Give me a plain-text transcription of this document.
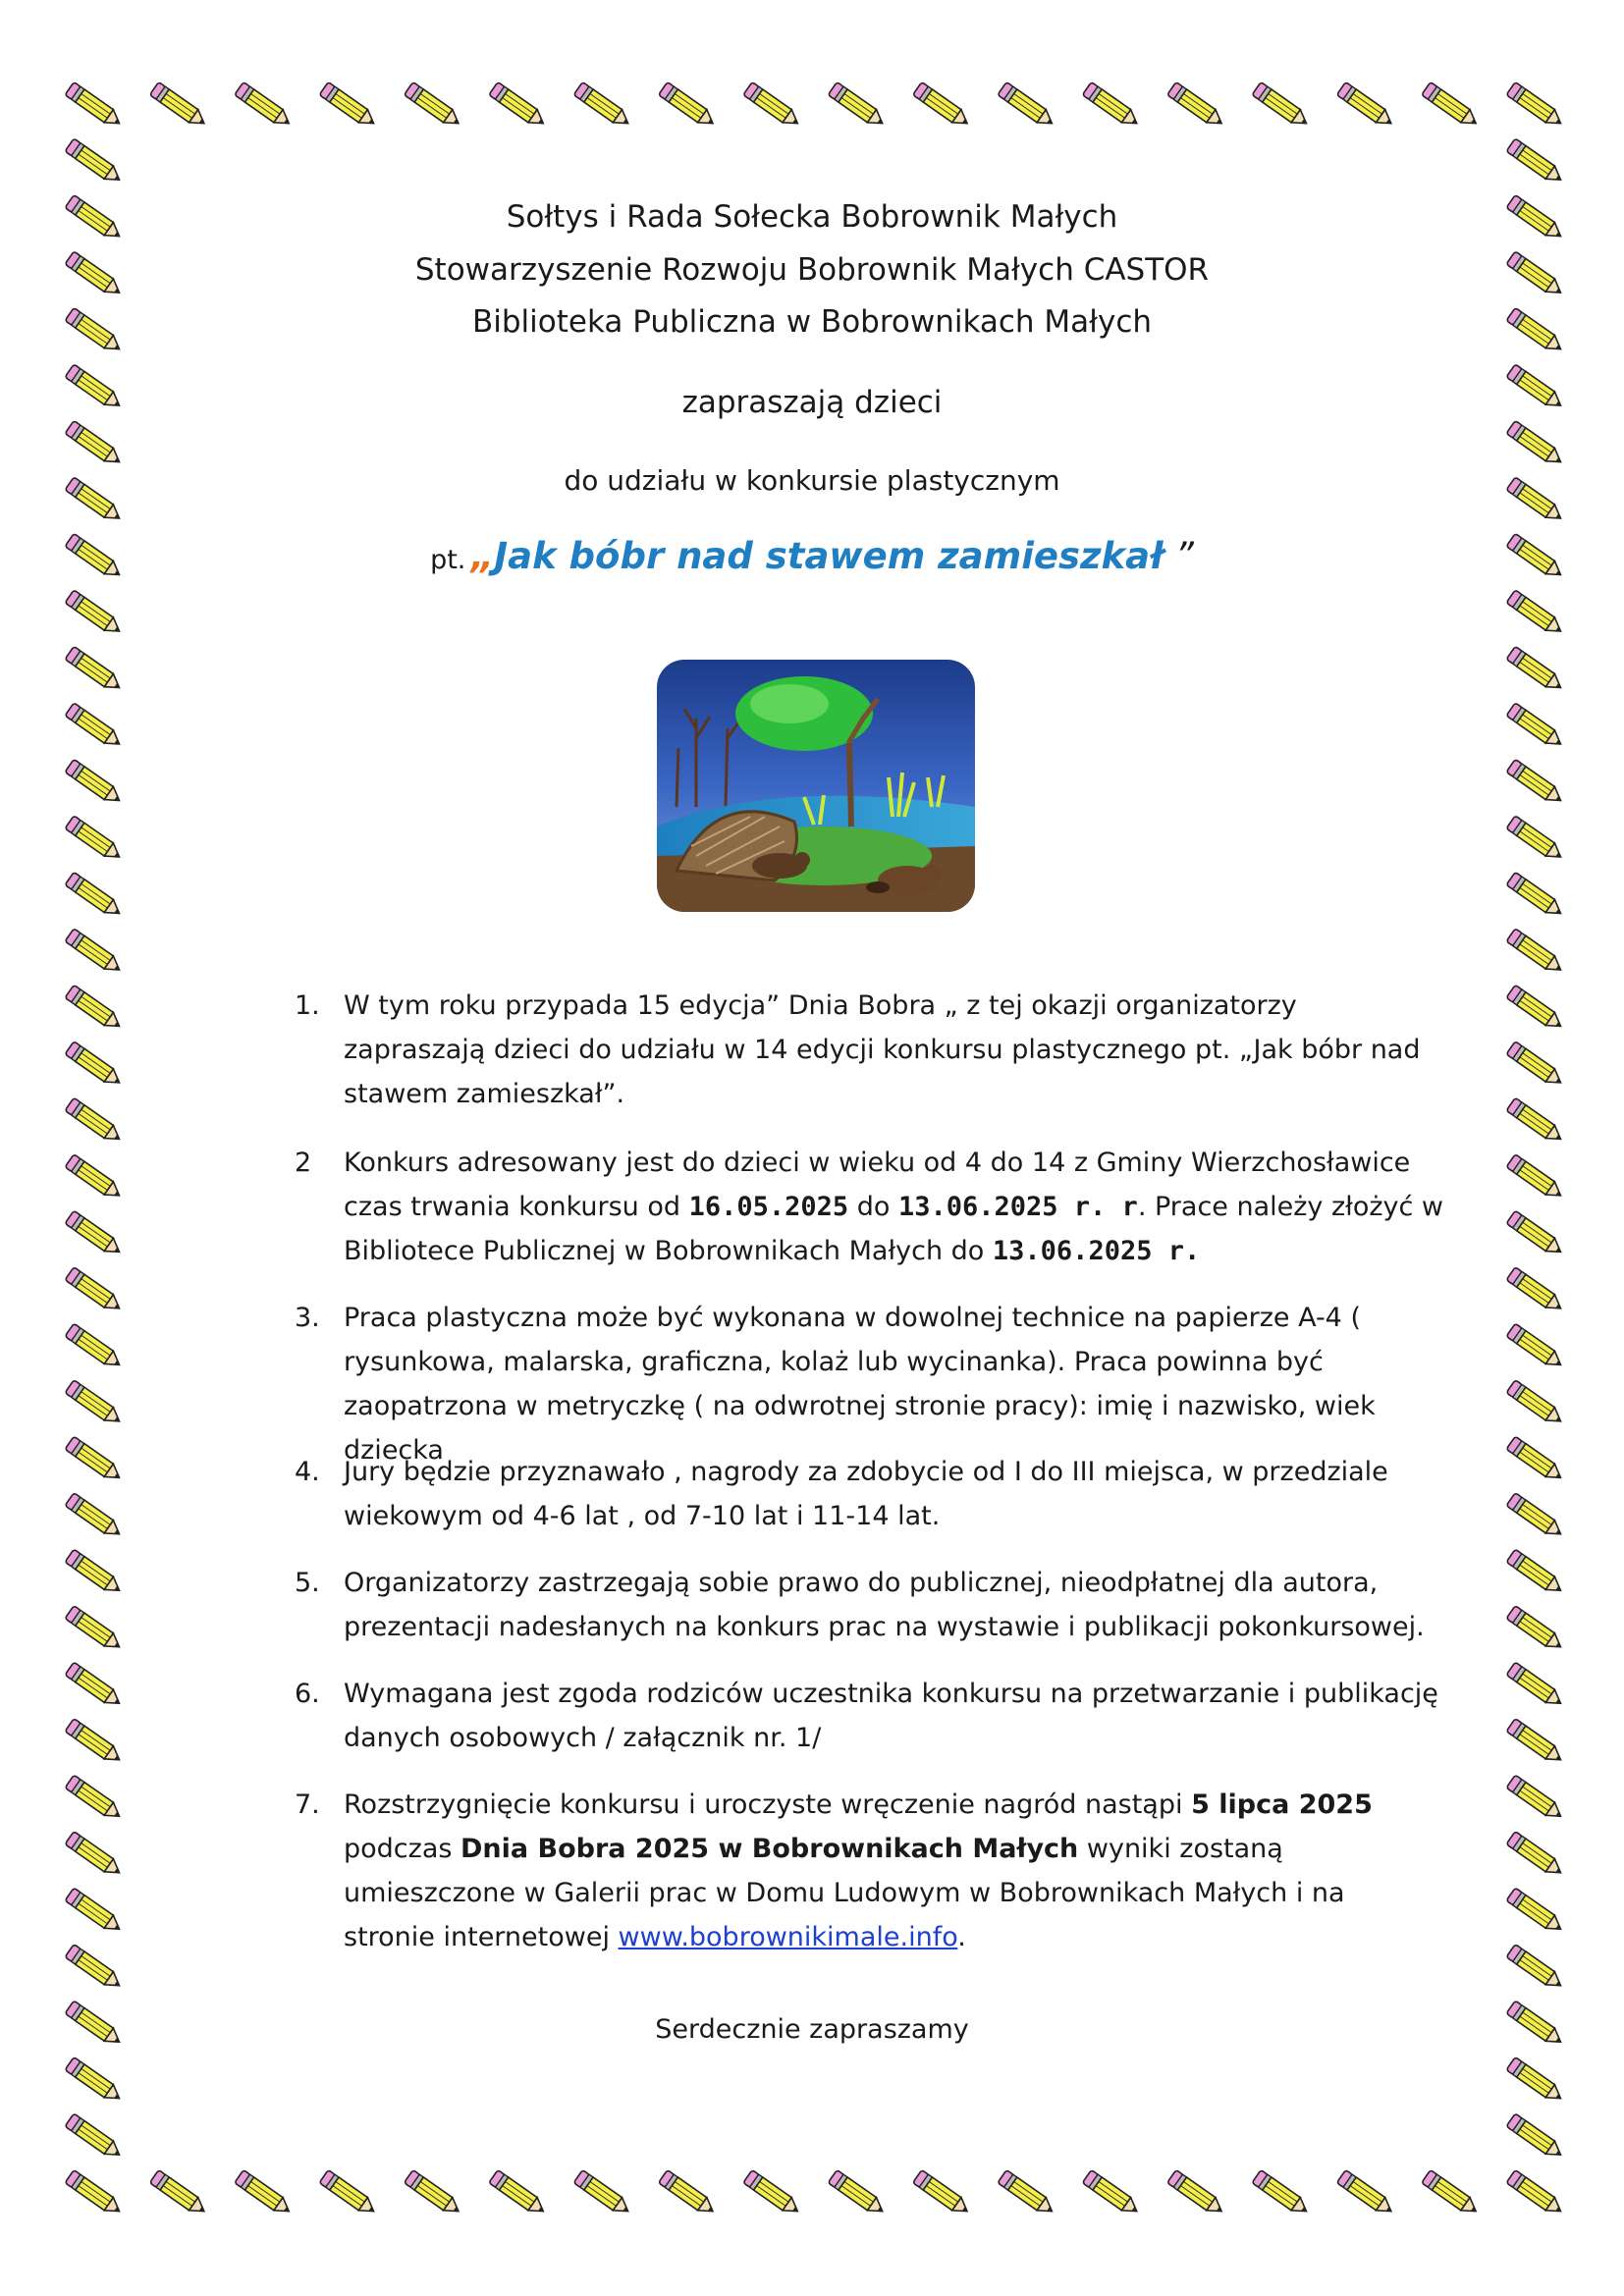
Sołtys i Rada Sołecka Bobrownik Małych
Stowarzyszenie Rozwoju Bobrownik Małych CASTOR
Biblioteka Publiczna w Bobrownikach Małych
zapraszają dzieci
do udziału w konkursie plastycznym
pt. „Jak bóbr nad stawem zamieszkał ”
1. W tym roku przypada 15 edycja” Dnia Bobra „ z tej okazji organizatorzy zapraszają dzieci do udziału w 14 edycji konkursu plastycznego pt. „Jak bóbr nad stawem zamieszkał”.
2	Konkurs adresowany jest do dzieci w wieku od 4 do 14 z Gminy Wierzchosławice czas trwania konkursu od 16.05.2025 do 13.06.2025 r. r. Prace należy złożyć w Bibliotece Publicznej w Bobrownikach Małych do 13.06.2025 r.
3. Praca plastyczna może być wykonana w dowolnej technice na papierze A-4 ( rysunkowa, malarska, graficzna, kolaż lub wycinanka). Praca powinna być zaopatrzona w metryczkę ( na odwrotnej stronie pracy): imię i nazwisko, wiek dziecka
4. Jury będzie przyznawało , nagrody za zdobycie od I do III miejsca, w przedziale wiekowym od 4-6 lat , od 7-10 lat i 11-14 lat.
5. Organizatorzy zastrzegają sobie prawo do publicznej, nieodpłatnej dla autora, prezentacji nadesłanych na konkurs prac na wystawie i publikacji pokonkursowej.
6. Wymagana jest zgoda rodziców uczestnika konkursu na przetwarzanie i publikację danych osobowych / załącznik nr. 1/
7. Rozstrzygnięcie konkursu i uroczyste wręczenie nagród nastąpi 5 lipca 2025 podczas Dnia Bobra 2025 w Bobrownikach Małych wyniki zostaną umieszczone w Galerii prac w Domu Ludowym w Bobrownikach Małych i na stronie internetowej www.bobrownikimale.info.
Serdecznie zapraszamy
